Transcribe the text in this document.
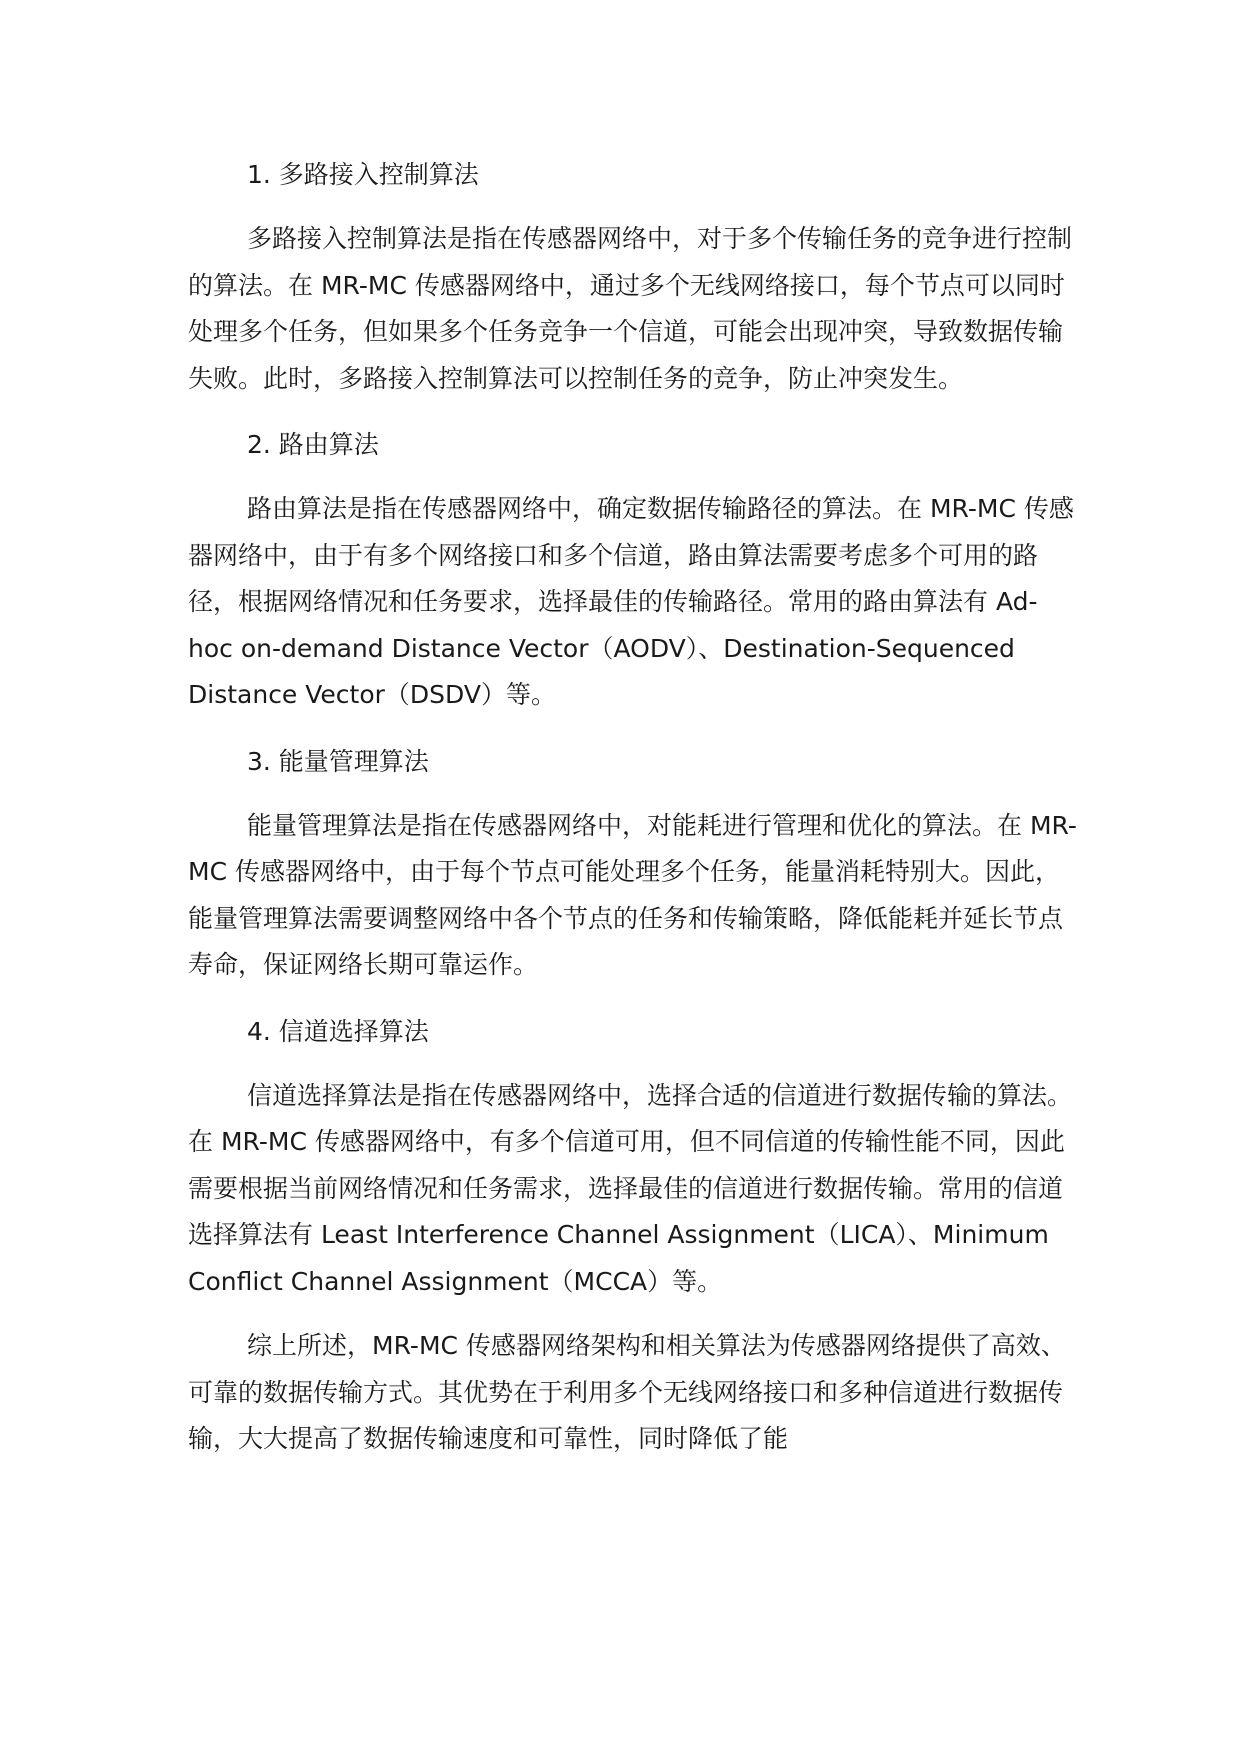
1. 多路接入控制算法

多路接入控制算法是指在传感器网络中，对于多个传输任务的竞争进行控制的算法。在 MR-MC 传感器网络中，通过多个无线网络接口，每个节点可以同时处理多个任务，但如果多个任务竞争一个信道，可能会出现冲突，导致数据传输失败。此时，多路接入控制算法可以控制任务的竞争，防止冲突发生。

2. 路由算法

路由算法是指在传感器网络中，确定数据传输路径的算法。在 MR-MC 传感器网络中，由于有多个网络接口和多个信道，路由算法需要考虑多个可用的路径，根据网络情况和任务要求，选择最佳的传输路径。常用的路由算法有 Ad-hoc on-demand Distance Vector（AODV）、Destination-Sequenced Distance Vector（DSDV）等。

3. 能量管理算法

能量管理算法是指在传感器网络中，对能耗进行管理和优化的算法。在 MR-MC 传感器网络中，由于每个节点可能处理多个任务，能量消耗特别大。因此，能量管理算法需要调整网络中各个节点的任务和传输策略，降低能耗并延长节点寿命，保证网络长期可靠运作。

4. 信道选择算法

信道选择算法是指在传感器网络中，选择合适的信道进行数据传输的算法。在 MR-MC 传感器网络中，有多个信道可用，但不同信道的传输性能不同，因此需要根据当前网络情况和任务需求，选择最佳的信道进行数据传输。常用的信道选择算法有 Least Interference Channel Assignment（LICA）、Minimum Conflict Channel Assignment（MCCA）等。

综上所述，MR-MC 传感器网络架构和相关算法为传感器网络提供了高效、可靠的数据传输方式。其优势在于利用多个无线网络接口和多种信道进行数据传输，大大提高了数据传输速度和可靠性，同时降低了能
